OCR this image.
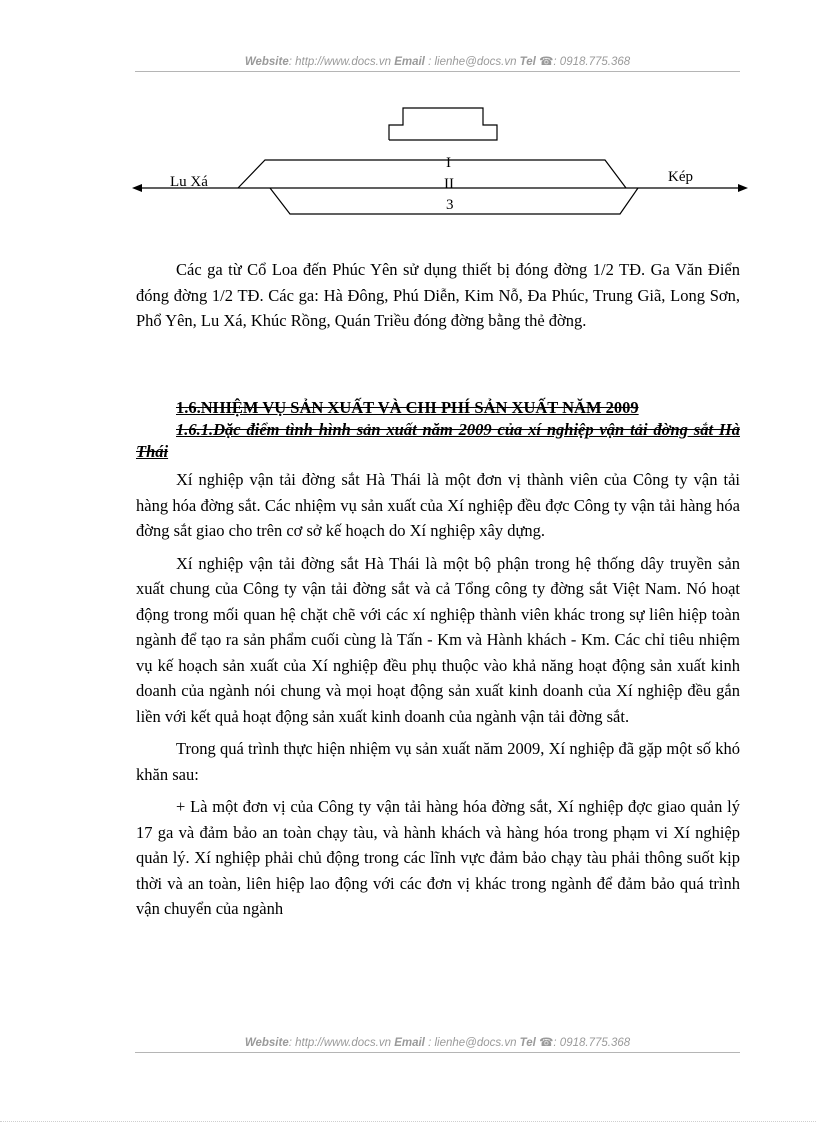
Website: http://www.docs.vn Email : lienhe@docs.vn Tel ☎: 0918.775.368
Lu Xá	Kép
I
II
3

Các ga từ Cổ Loa đến Phúc Yên sử dụng thiết bị đóng đờng 1/2 TĐ. Ga Văn Điển đóng đờng 1/2 TĐ. Các ga: Hà Đông, Phú Diễn, Kim Nỗ, Đa Phúc, Trung Giã, Long Sơn, Phổ Yên, Lu Xá, Khúc Rồng, Quán Triều đóng đờng bằng thẻ đờng.

1.6.NHIỆM VỤ SẢN XUẤT VÀ CHI PHÍ SẢN XUẤT NĂM 2009

1.6.1.Đặc điểm tình hình sản xuất năm 2009 của xí nghiệp vận tải đờng sắt Hà Thái

Xí nghiệp vận tải đờng sắt Hà Thái là một đơn vị thành viên của Công ty vận tải hàng hóa đờng sắt. Các nhiệm vụ sản xuất của Xí nghiệp đều đợc Công ty vận tải hàng hóa đờng sắt giao cho trên cơ sở kế hoạch do Xí nghiệp xây dựng.

Xí nghiệp vận tải đờng sắt Hà Thái là một bộ phận trong hệ thống dây truyền sản xuất chung của Công ty vận tải đờng sắt và cả Tổng công ty đờng sắt Việt Nam. Nó hoạt động trong mối quan hệ chặt chẽ với các xí nghiệp thành viên khác trong sự liên hiệp toàn ngành để tạo ra sản phẩm cuối cùng là Tấn - Km và Hành khách - Km. Các chỉ tiêu nhiệm vụ kế hoạch sản xuất của Xí nghiệp đều phụ thuộc vào khả năng hoạt động sản xuất kinh doanh của ngành nói chung và mọi hoạt động sản xuất kinh doanh của Xí nghiệp đều gắn liền với kết quả hoạt động sản xuất kinh doanh của ngành vận tải đờng sắt.

Trong quá trình thực hiện nhiệm vụ sản xuất năm 2009, Xí nghiệp đã gặp một số khó khăn sau:

+ Là một đơn vị của Công ty vận tải hàng hóa đờng sắt, Xí nghiệp đợc giao quản lý 17 ga và đảm bảo an toàn chạy tàu, và hành khách và hàng hóa trong phạm vi Xí nghiệp quản lý. Xí nghiệp phải chủ động trong các lĩnh vực đảm bảo chạy tàu phải thông suốt kịp thời và an toàn, liên hiệp lao động với các đơn vị khác trong ngành để đảm bảo quá trình vận chuyển của ngành

Website: http://www.docs.vn Email : lienhe@docs.vn Tel ☎: 0918.775.368
